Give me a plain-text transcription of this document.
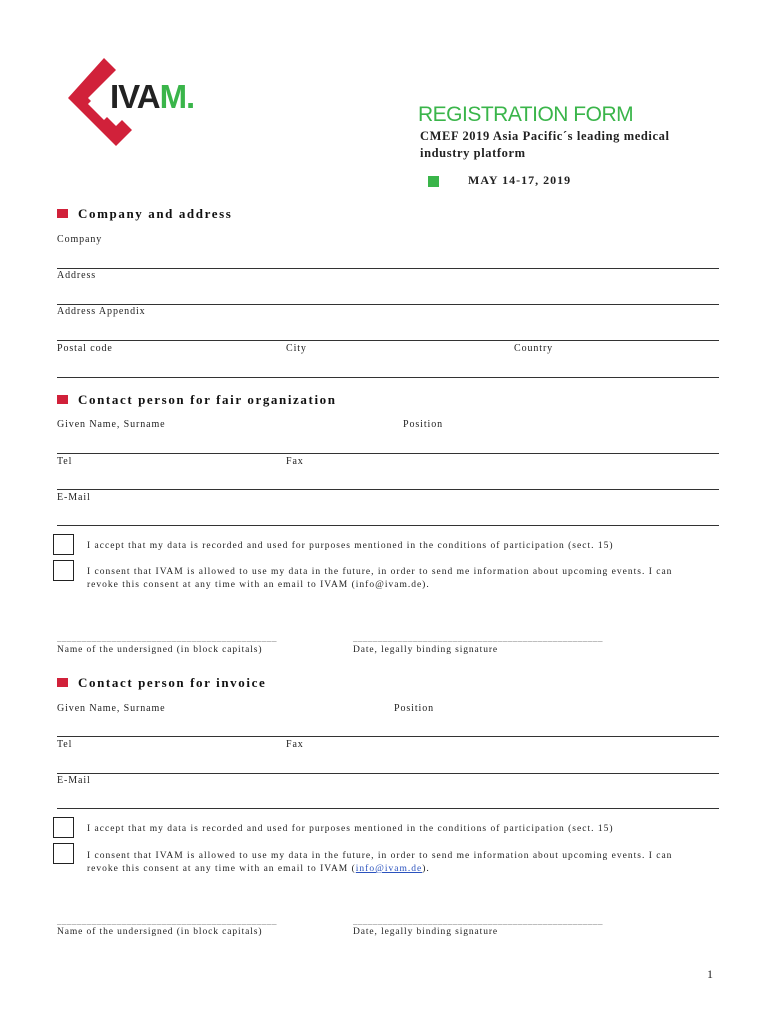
IVAM.	REGISTRATION FORM
CMEF 2019 Asia Pacific´s leading medical
industry platform
MAY 14-17, 2019
Company and address
Company
Address
Address Appendix
Postal code	City	Country
Contact person for fair organization
Given Name, Surname	Position
Tel	Fax
E-Mail
I accept that my data is recorded and used for purposes mentioned in the conditions of participation (sect. 15)
I consent that IVAM is allowed to use my data in the future, in order to send me information about upcoming events. I can revoke this consent at any time with an email to IVAM (info@ivam.de).
____________________________________________	__________________________________________________
Name of the undersigned (in block capitals)	Date, legally binding signature
Contact person for invoice
Given Name, Surname	Position
Tel	Fax
E-Mail
I accept that my data is recorded and used for purposes mentioned in the conditions of participation (sect. 15)
I consent that IVAM is allowed to use my data in the future, in order to send me information about upcoming events. I can revoke this consent at any time with an email to IVAM (info@ivam.de).
____________________________________________	__________________________________________________
Name of the undersigned (in block capitals)	Date, legally binding signature
1
